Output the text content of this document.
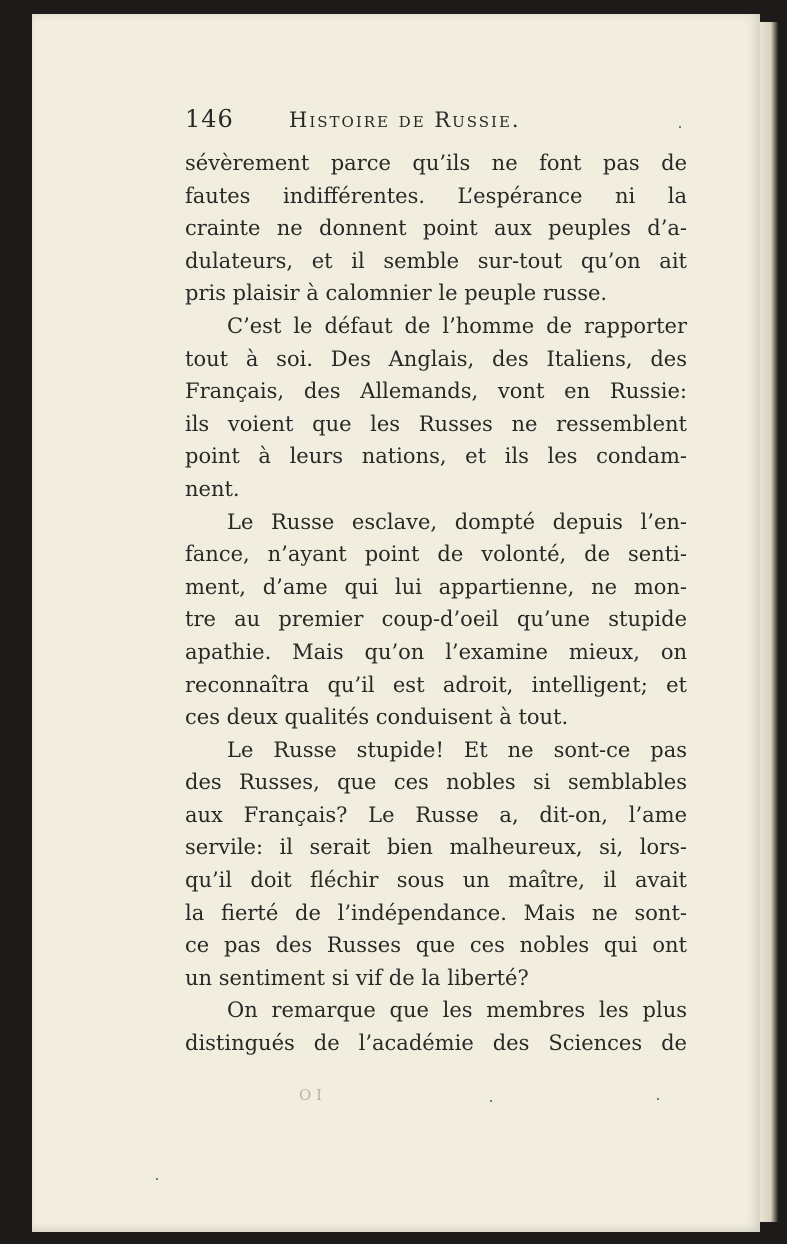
146	Histoire de Russie.
sévèrement parce qu’ils ne font pas de
fautes indifférentes. L’espérance ni la
crainte ne donnent point aux peuples d’a-
dulateurs, et il semble sur-tout qu’on ait
pris plaisir à calomnier le peuple russe.
C’est le défaut de l’homme de rapporter
tout à soi. Des Anglais, des Italiens, des
Français, des Allemands, vont en Russie:
ils voient que les Russes ne ressemblent
point à leurs nations, et ils les condam-
nent.
Le Russe esclave, dompté depuis l’en-
fance, n’ayant point de volonté, de senti-
ment, d’ame qui lui appartienne, ne mon-
tre au premier coup-d’oeil qu’une stupide
apathie. Mais qu’on l’examine mieux, on
reconnaîtra qu’il est adroit, intelligent; et
ces deux qualités conduisent à tout.
Le Russe stupide! Et ne sont-ce pas
des Russes, que ces nobles si semblables
aux Français? Le Russe a, dit-on, l’ame
servile: il serait bien malheureux, si, lors-
qu’il doit fléchir sous un maître, il avait
la fierté de l’indépendance. Mais ne sont-
ce pas des Russes que ces nobles qui ont
un sentiment si vif de la liberté?
On remarque que les membres les plus
distingués de l’académie des Sciences de
O I
